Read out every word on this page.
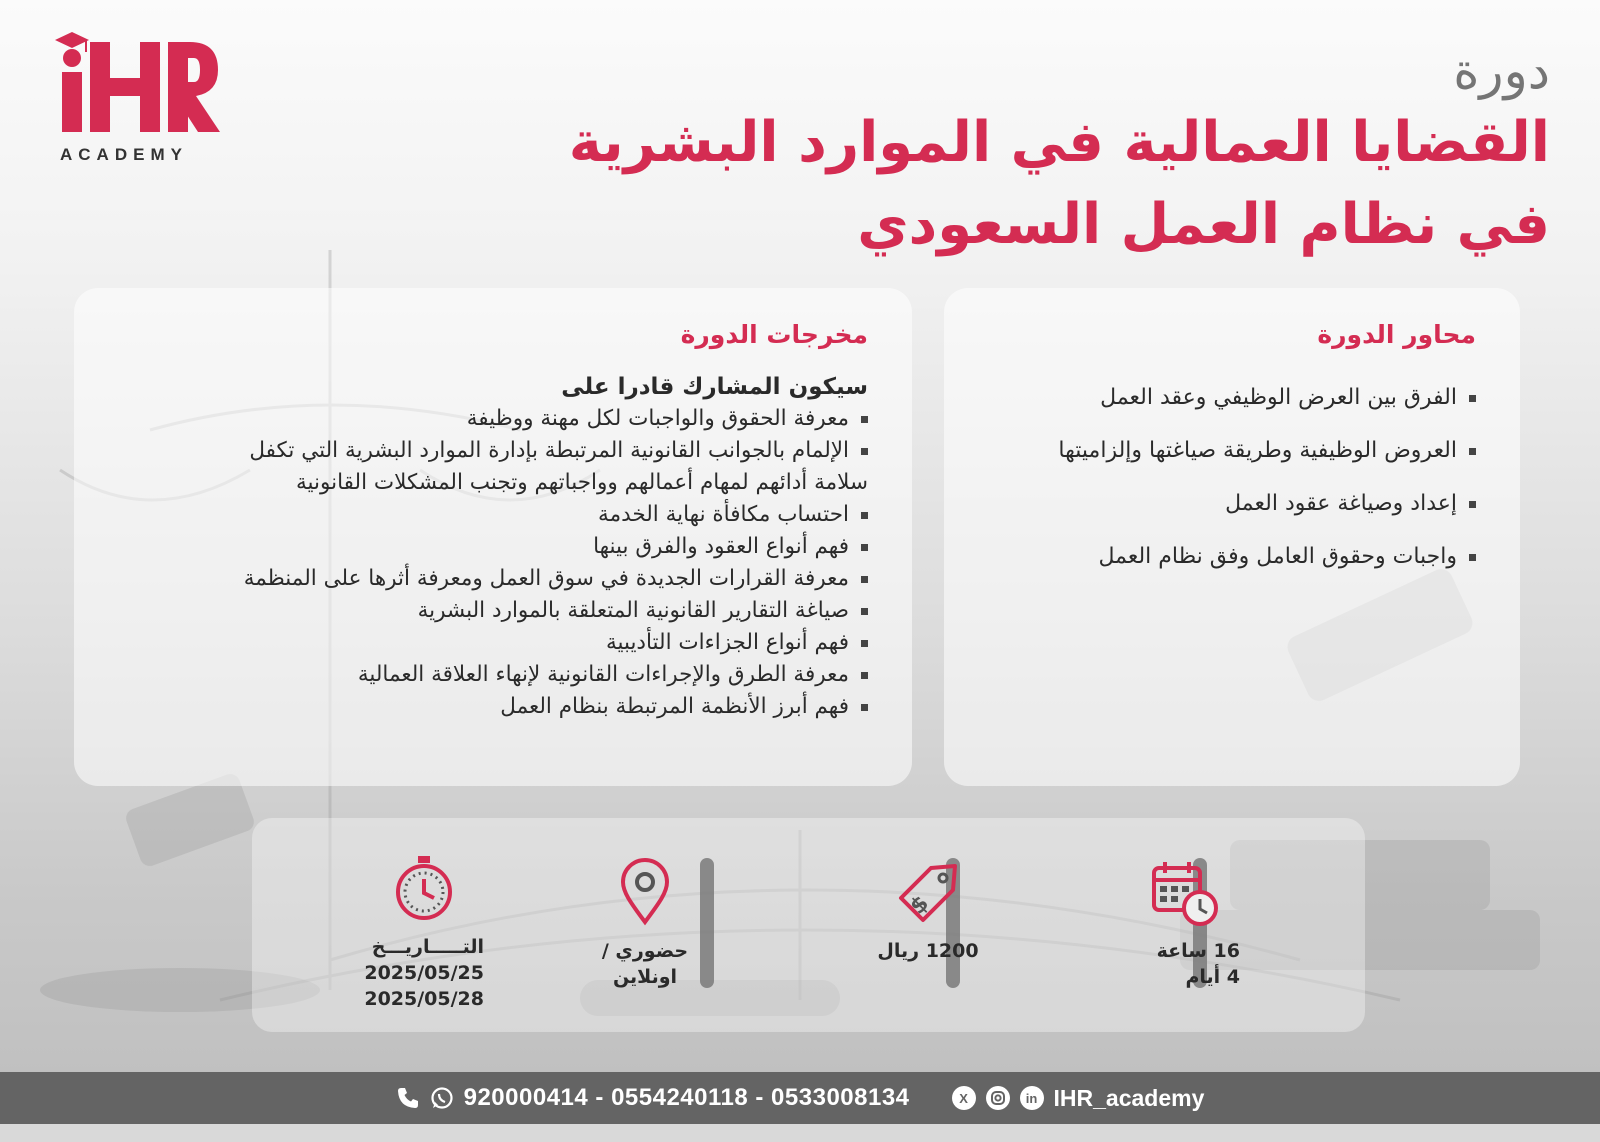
ACADEMY
دورة
القضايا العمالية في الموارد البشرية
في نظام العمل السعودي
محاور الدورة
الفرق بين العرض الوظيفي وعقد العمل
العروض الوظيفية وطريقة صياغتها وإلزاميتها
إعداد وصياغة عقود العمل
واجبات وحقوق العامل وفق نظام العمل
مخرجات الدورة
سيكون المشارك قادرا على
معرفة الحقوق والواجبات لكل مهنة ووظيفة
الإلمام بالجوانب القانونية المرتبطة بإدارة الموارد البشرية التي تكفل
سلامة أدائهم لمهام أعمالهم وواجباتهم وتجنب المشكلات القانونية
احتساب مكافأة نهاية الخدمة
فهم أنواع العقود والفرق بينها
معرفة القرارات الجديدة في سوق العمل ومعرفة أثرها على المنظمة
صياغة التقارير القانونية المتعلقة بالموارد البشرية
فهم أنواع الجزاءات التأديبية
معرفة الطرق والإجراءات القانونية لإنهاء العلاقة العمالية
فهم أبرز الأنظمة المرتبطة بنظام العمل
16 ساعة
4 أيام
$
1200 ريال
حضوري / اونلاين
التـــــاريـــخ
2025/05/25
2025/05/28
920000414 - 0554240118 - 0533008134	X	in IHR_academy
